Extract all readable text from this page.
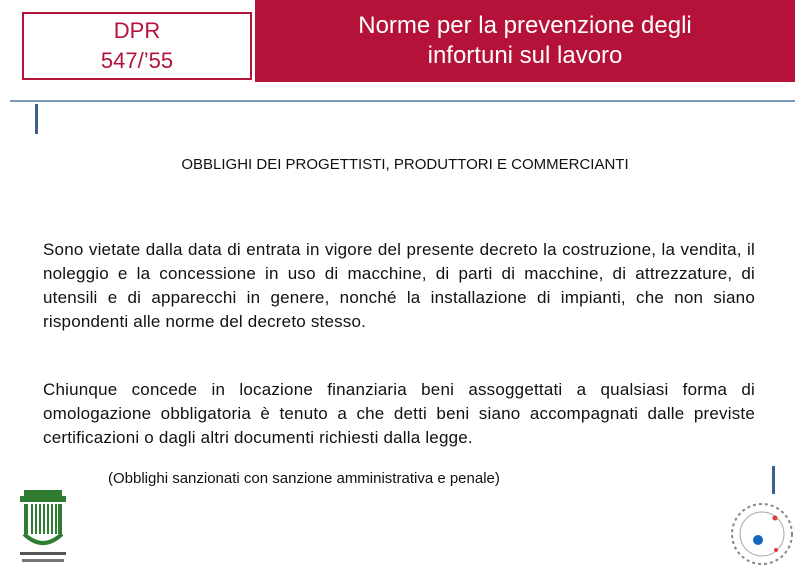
DPR
547/’55
Norme per la prevenzione degli
infortuni sul lavoro
OBBLIGHI DEI PROGETTISTI, PRODUTTORI E COMMERCIANTI
Sono vietate dalla data di entrata in vigore del presente decreto la costruzione, la vendita, il noleggio e la concessione in uso di macchine, di parti di macchine, di attrezzature, di utensili e di apparecchi in genere, nonché la installazione di impianti, che non siano rispondenti alle norme del decreto stesso.
Chiunque concede in locazione finanziaria beni assoggettati a qualsiasi forma di omologazione obbligatoria è tenuto a che detti beni siano accompagnati dalle previste certificazioni o dagli altri documenti richiesti dalla legge.
(Obblighi sanzionati con sanzione amministrativa e penale)
